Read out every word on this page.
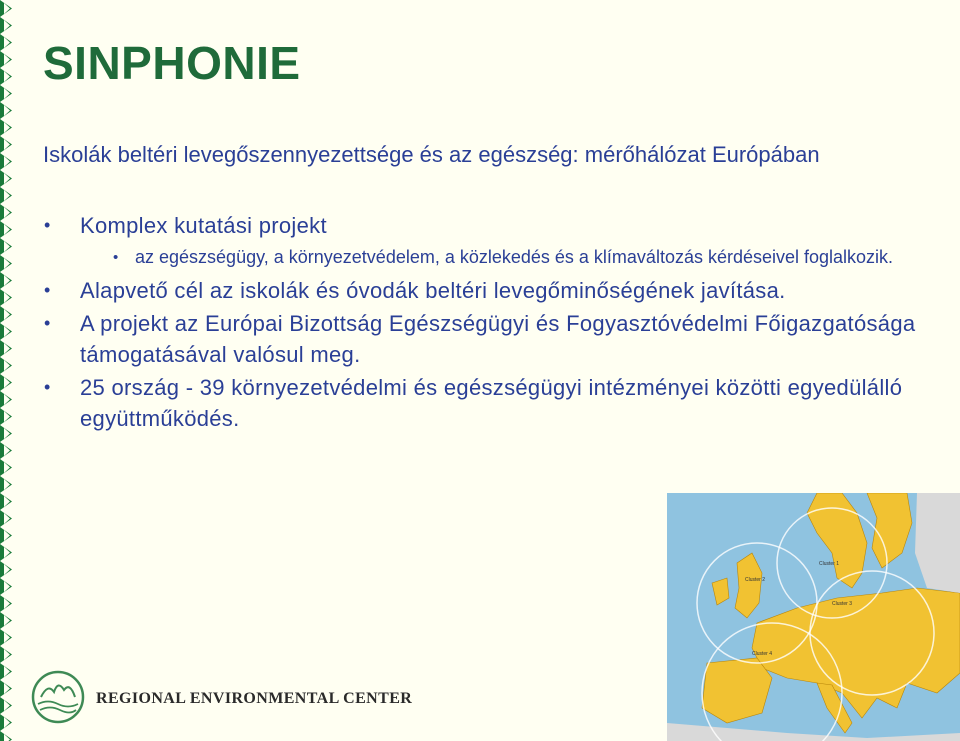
SINPHONIE
Iskolák beltéri levegőszennyezettsége és az egészség: mérőhálózat Európában
• Komplex kutatási projekt
• az egészségügy, a környezetvédelem, a közlekedés és a klímaváltozás kérdéseivel foglalkozik.
• Alapvető cél az iskolák és óvodák beltéri levegőminőségének javítása.
• A projekt az Európai Bizottság Egészségügyi és Fogyasztóvédelmi Főigazgatósága támogatásával valósul meg.
• 25 ország - 39 környezetvédelmi és egészségügyi intézményei közötti egyedülálló együttműködés.
Cluster 1
Cluster 2
Cluster 3
Cluster 4
REGIONAL ENVIRONMENTAL CENTER
